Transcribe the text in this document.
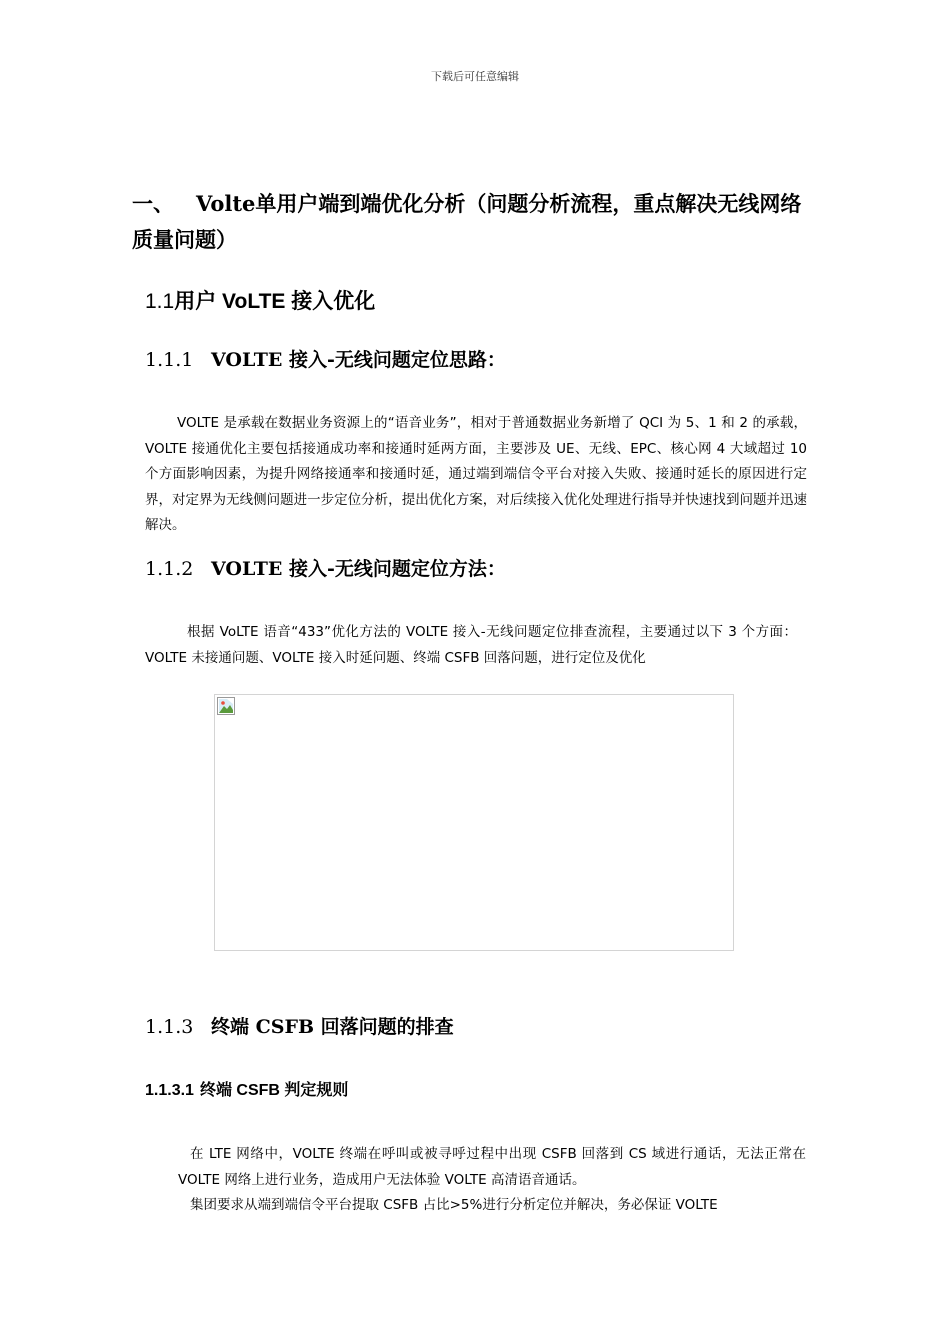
下载后可任意编辑
一、 Volte单用户端到端优化分析（问题分析流程，重点解决无线网络质量问题）
1.1用户 VoLTE 接入优化
1.1.1 VOLTE 接入-无线问题定位思路：

VOLTE 是承载在数据业务资源上的“语音业务”，相对于普通数据业务新增了 QCI 为 5、1 和 2 的承载，VOLTE 接通优化主要包括接通成功率和接通时延两方面，主要涉及 UE、无线、EPC、核心网 4 大域超过 10 个方面影响因素，为提升网络接通率和接通时延，通过端到端信令平台对接入失败、接通时延长的原因进行定界，对定界为无线侧问题进一步定位分析，提出优化方案，对后续接入优化处理进行指导并快速找到问题并迅速解决。

1.1.2 VOLTE 接入-无线问题定位方法：

根据 VoLTE 语音“433”优化方法的 VOLTE 接入-无线问题定位排查流程，主要通过以下 3 个方面：VOLTE 未接通问题、VOLTE 接入时延问题、终端 CSFB 回落问题，进行定位及优化

1.1.3 终端 CSFB 回落问题的排查
1.1.3.1 终端 CSFB 判定规则

在 LTE 网络中，VOLTE 终端在呼叫或被寻呼过程中出现 CSFB 回落到 CS 域进行通话，无法正常在 VOLTE 网络上进行业务，造成用户无法体验 VOLTE 高清语音通话。

集团要求从端到端信令平台提取 CSFB 占比>5%进行分析定位并解决，务必保证 VOLTE
